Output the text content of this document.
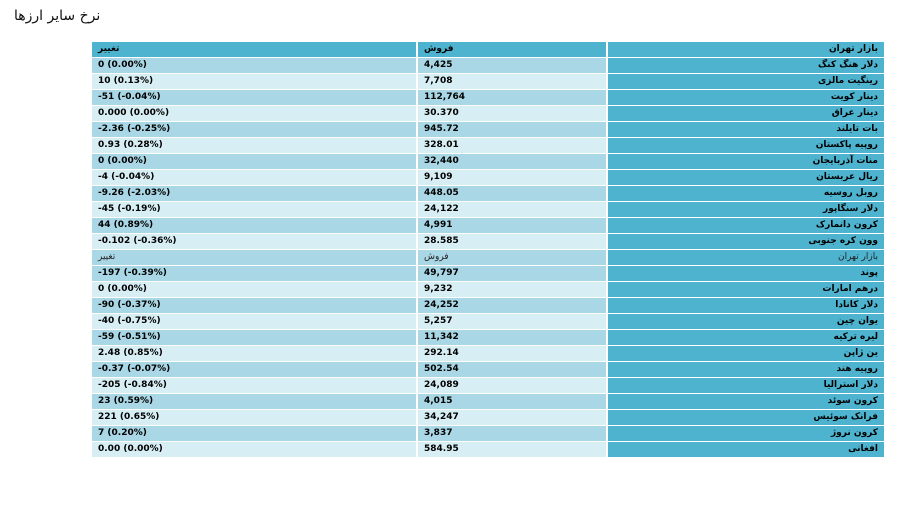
نرخ سایر ارزها
بازار تهران	فروش	تغییر
دلار هنگ کنگ	4,425	0 (0.00%)
رینگیت مالزی	7,708	10 (0.13%)
دینار کویت	112,764	-51 (-0.04%)
دینار عراق	30.370	0.000 (0.00%)
بات تایلند	945.72	-2.36 (-0.25%)
روپیه پاکستان	328.01	0.93 (0.28%)
منات آذربایجان	32,440	0 (0.00%)
ریال عربستان	9,109	-4 (-0.04%)
روبل روسیه	448.05	-9.26 (-2.03%)
دلار سنگاپور	24,122	-45 (-0.19%)
کرون دانمارک	4,991	44 (0.89%)
وون کره جنوبی	28.585	-0.102 (-0.36%)
بازار تهران	فروش	تغییر
پوند	49,797	-197 (-0.39%)
درهم امارات	9,232	0 (0.00%)
دلار کانادا	24,252	-90 (-0.37%)
یوان چین	5,257	-40 (-0.75%)
لیره ترکیه	11,342	-59 (-0.51%)
ین ژاپن	292.14	2.48 (0.85%)
روپیه هند	502.54	-0.37 (-0.07%)
دلار استرالیا	24,089	-205 (-0.84%)
کرون سوئد	4,015	23 (0.59%)
فرانک سوئیس	34,247	221 (0.65%)
کرون نروژ	3,837	7 (0.20%)
افغانی	584.95	0.00 (0.00%)
